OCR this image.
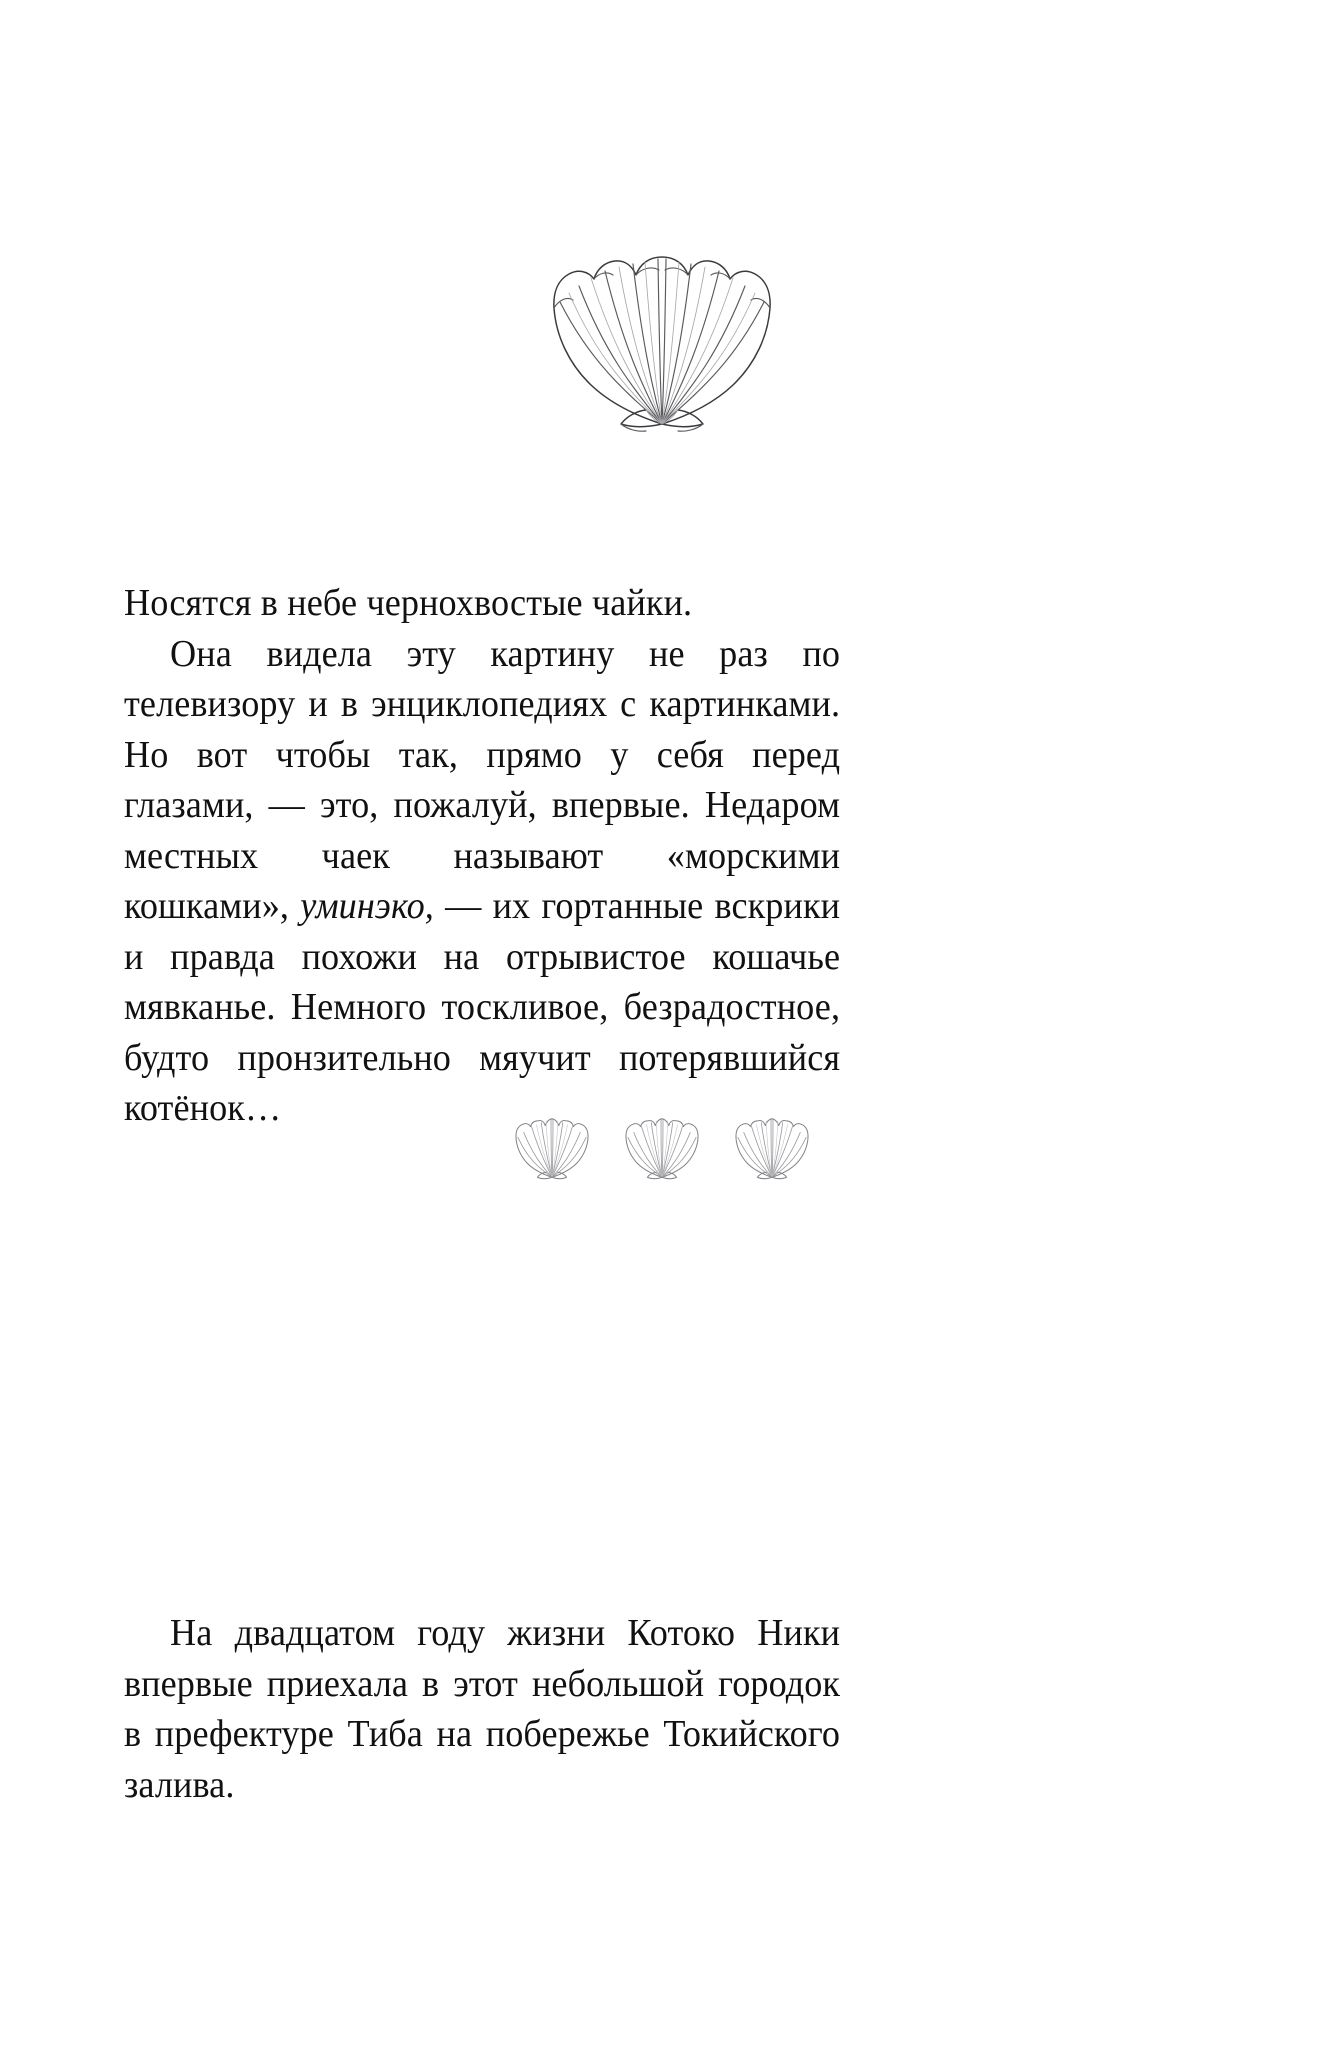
Носятся в небе чернохвостые чайки.

Она видела эту картину не раз по телевизору и в энциклопедиях с картинками. Но вот чтобы так, прямо у себя перед глазами, — это, пожалуй, впервые. Недаром местных чаек называют «морскими кошками», уминэко, — их гортанные вскрики и правда похожи на отрывистое кошачье мявканье. Немного тоскливое, безрадостное, будто пронзительно мяучит потерявшийся котёнок…

На двадцатом году жизни Котоко Ники впервые приехала в этот небольшой городок в префектуре Тиба на побережье Токийского залива.
